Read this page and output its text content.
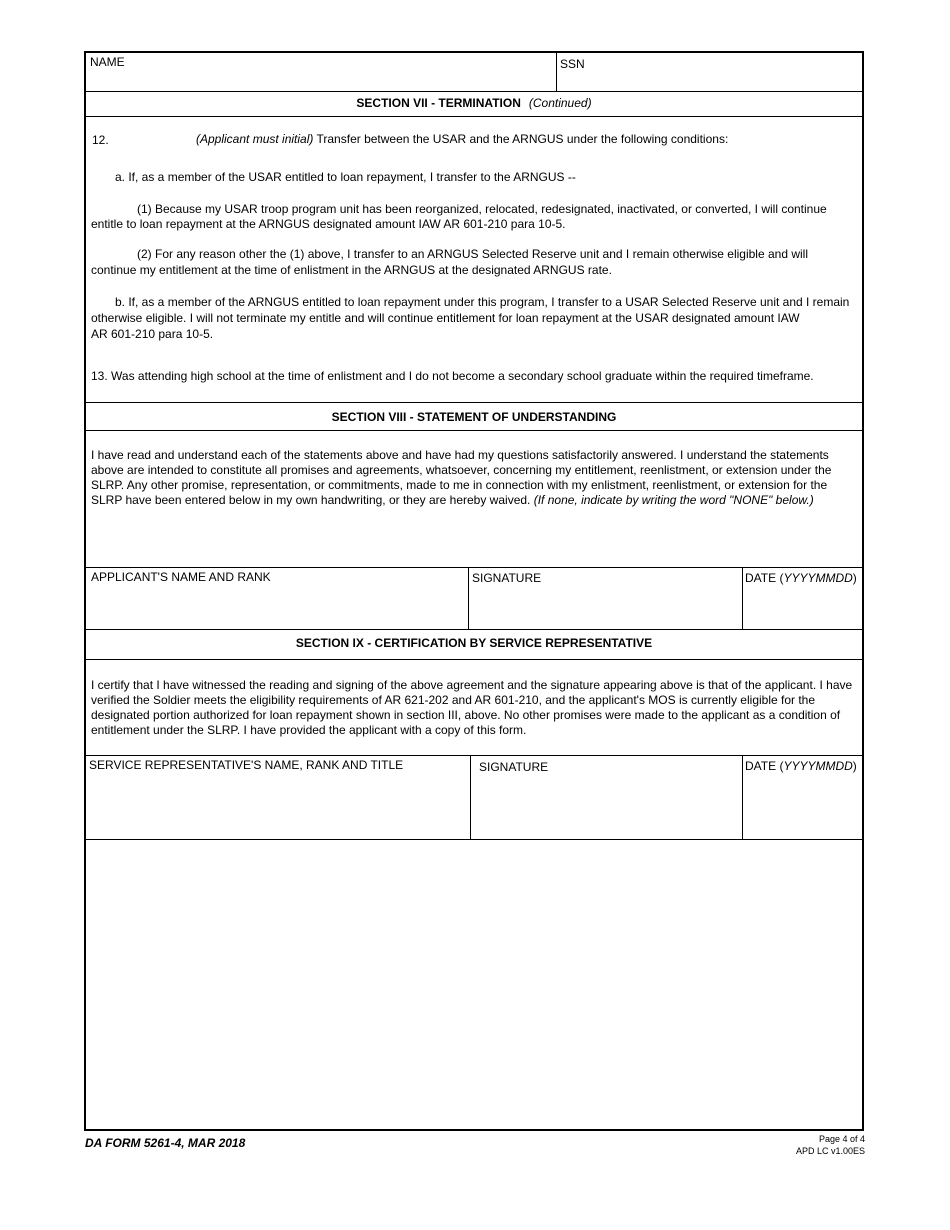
NAME	SSN
SECTION VII - TERMINATION (Continued)
12.	(Applicant must initial) Transfer between the USAR and the ARNGUS under the following conditions:
a. If, as a member of the USAR entitled to loan repayment, I transfer to the ARNGUS --
(1) Because my USAR troop program unit has been reorganized, relocated, redesignated, inactivated, or converted, I will continue
entitle to loan repayment at the ARNGUS designated amount IAW AR 601-210 para 10-5.
(2) For any reason other the (1) above, I transfer to an ARNGUS Selected Reserve unit and I remain otherwise eligible and will
continue my entitlement at the time of enlistment in the ARNGUS at the designated ARNGUS rate.
b. If, as a member of the ARNGUS entitled to loan repayment under this program, I transfer to a USAR Selected Reserve unit and I remain
otherwise eligible. I will not terminate my entitle and will continue entitlement for loan repayment at the USAR designated amount IAW
AR 601-210 para 10-5.
13. Was attending high school at the time of enlistment and I do not become a secondary school graduate within the required timeframe.
SECTION VIII - STATEMENT OF UNDERSTANDING
I have read and understand each of the statements above and have had my questions satisfactorily answered. I understand the statements
above are intended to constitute all promises and agreements, whatsoever, concerning my entitlement, reenlistment, or extension under the
SLRP. Any other promise, representation, or commitments, made to me in connection with my enlistment, reenlistment, or extension for the
SLRP have been entered below in my own handwriting, or they are hereby waived. (If none, indicate by writing the word "NONE" below.)
APPLICANT'S NAME AND RANK	SIGNATURE	DATE (YYYYMMDD)
SECTION IX - CERTIFICATION BY SERVICE REPRESENTATIVE
I certify that I have witnessed the reading and signing of the above agreement and the signature appearing above is that of the applicant. I have
verified the Soldier meets the eligibility requirements of AR 621-202 and AR 601-210, and the applicant's MOS is currently eligible for the
designated portion authorized for loan repayment shown in section III, above. No other promises were made to the applicant as a condition of
entitlement under the SLRP. I have provided the applicant with a copy of this form.
SERVICE REPRESENTATIVE'S NAME, RANK AND TITLE	SIGNATURE	DATE (YYYYMMDD)
DA FORM 5261-4, MAR 2018	Page 4 of 4
APD LC v1.00ES
